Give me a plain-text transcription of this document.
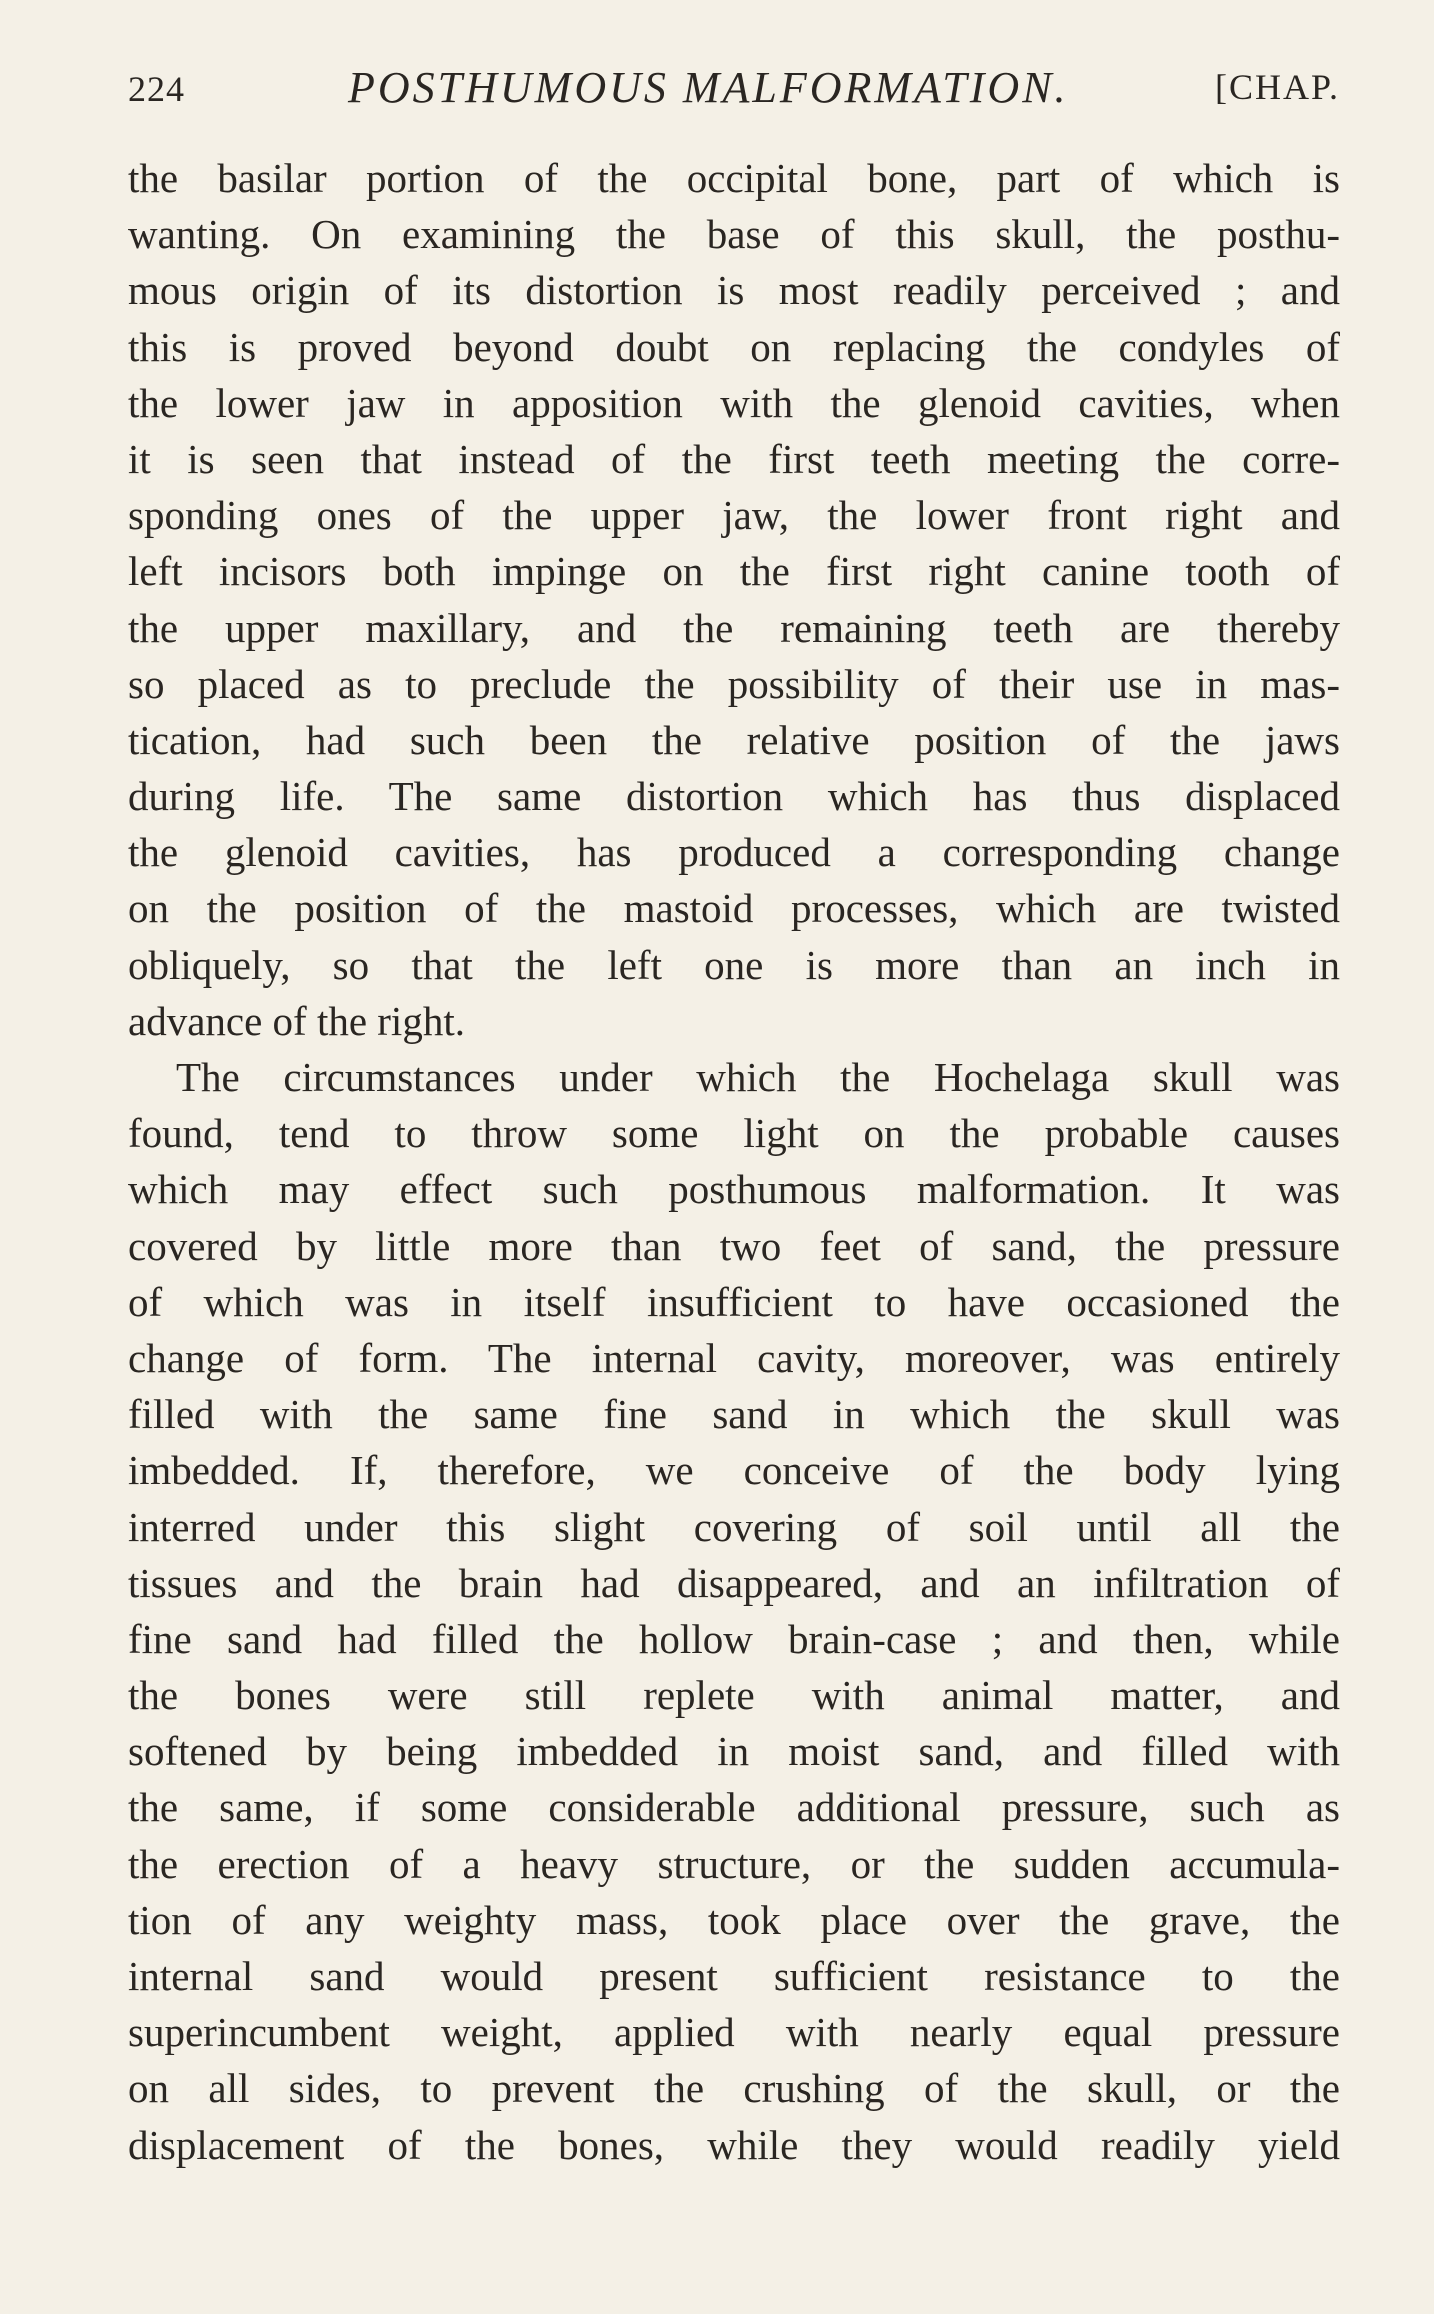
224	POSTHUMOUS MALFORMATION.	[CHAP.
the basilar portion of the occipital bone, part of which is
wanting. On examining the base of this skull, the posthu-
mous origin of its distortion is most readily perceived ; and
this is proved beyond doubt on replacing the condyles of
the lower jaw in apposition with the glenoid cavities, when
it is seen that instead of the first teeth meeting the corre-
sponding ones of the upper jaw, the lower front right and
left incisors both impinge on the first right canine tooth of
the upper maxillary, and the remaining teeth are thereby
so placed as to preclude the possibility of their use in mas-
tication, had such been the relative position of the jaws
during life. The same distortion which has thus displaced
the glenoid cavities, has produced a corresponding change
on the position of the mastoid processes, which are twisted
obliquely, so that the left one is more than an inch in
advance of the right.
The circumstances under which the Hochelaga skull was
found, tend to throw some light on the probable causes
which may effect such posthumous malformation. It was
covered by little more than two feet of sand, the pressure
of which was in itself insufficient to have occasioned the
change of form. The internal cavity, moreover, was entirely
filled with the same fine sand in which the skull was
imbedded. If, therefore, we conceive of the body lying
interred under this slight covering of soil until all the
tissues and the brain had disappeared, and an infiltration of
fine sand had filled the hollow brain-case ; and then, while
the bones were still replete with animal matter, and
softened by being imbedded in moist sand, and filled with
the same, if some considerable additional pressure, such as
the erection of a heavy structure, or the sudden accumula-
tion of any weighty mass, took place over the grave, the
internal sand would present sufficient resistance to the
superincumbent weight, applied with nearly equal pressure
on all sides, to prevent the crushing of the skull, or the
displacement of the bones, while they would readily yield
